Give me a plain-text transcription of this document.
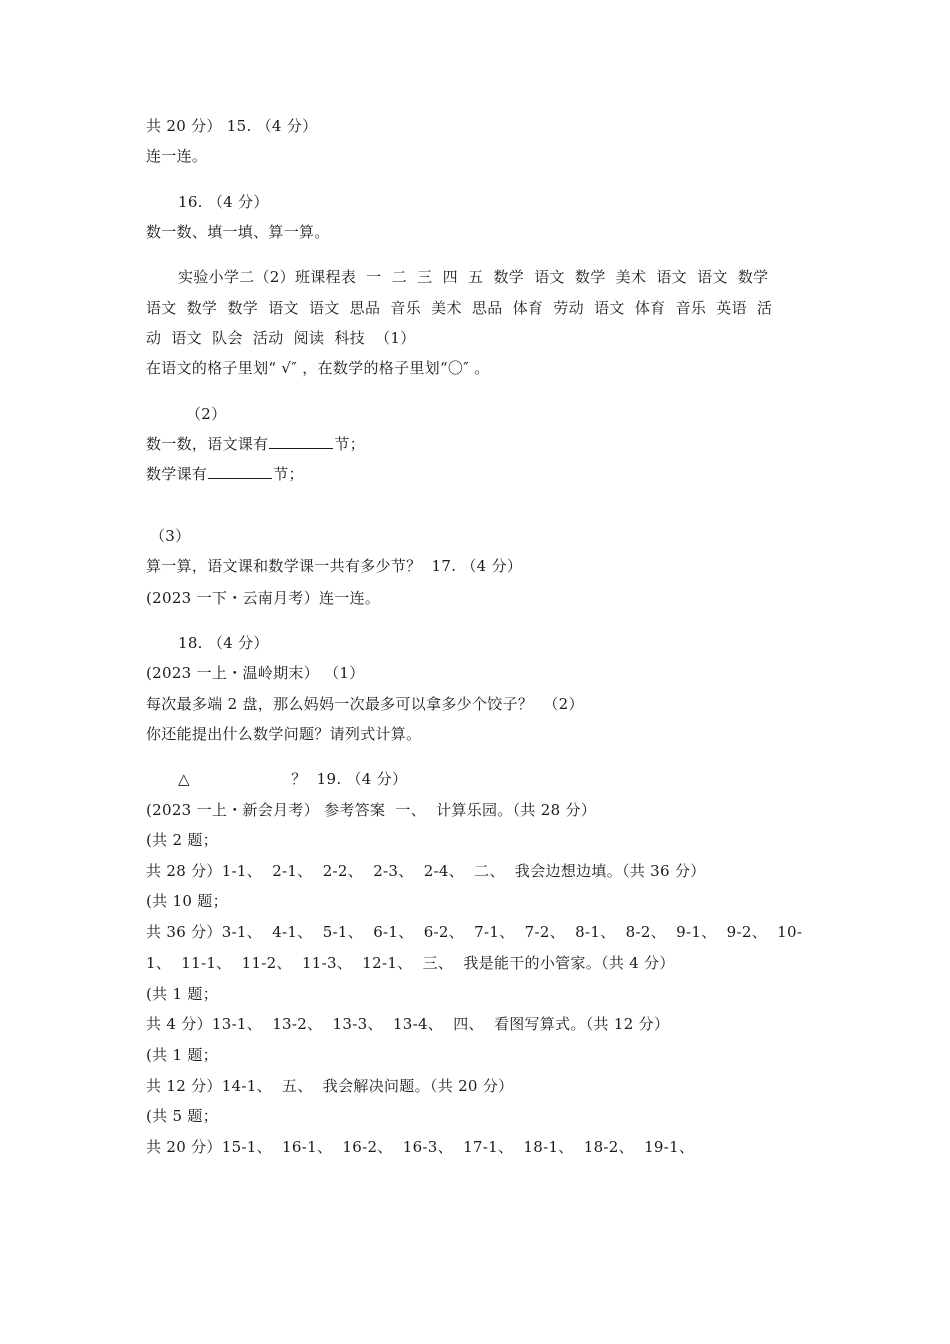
共 20 分） 15. （4 分）
连一连。
16. （4 分）
数一数、填一填、算一算。
实验小学二（2）班课程表  一  二  三  四  五  数学  语文  数学  美术  语文  语文  数学
语文  数学  数学  语文  语文  思品  音乐  美术  思品  体育  劳动  语文  体育  音乐  英语  活
动  语文  队会  活动  阅读  科技  （1）
在语文的格子里划“ √″ ，在数学的格子里划“〇″ 。
（2）
数一数，语文课有	节；
数学课有	节；
（3）
算一算，语文课和数学课一共有多少节？  17. （4 分）
(2023 一下・云南月考）连一连。
18. （4 分）
(2023 一上・温岭期末） （1）
每次最多端 2 盘，那么妈妈一次最多可以拿多少个饺子？  （2）
你还能提出什么数学问题？请列式计算。
△                    ？  19. （4 分）
(2023 一上・新会月考） 参考答案  一、  计算乐园。（共 28 分）
(共 2 题；
共 28 分）1-1、  2-1、  2-2、  2-3、  2-4、  二、  我会边想边填。（共 36 分）
(共 10 题；
共 36 分）3-1、  4-1、  5-1、  6-1、  6-2、  7-1、  7-2、  8-1、  8-2、  9-1、  9-2、  10-
1、  11-1、  11-2、  11-3、  12-1、  三、  我是能干的小管家。（共 4 分）
(共 1 题；
共 4 分）13-1、  13-2、  13-3、  13-4、  四、  看图写算式。（共 12 分）
(共 1 题；
共 12 分）14-1、  五、  我会解决问题。（共 20 分）
(共 5 题；
共 20 分）15-1、  16-1、  16-2、  16-3、  17-1、  18-1、  18-2、  19-1、
